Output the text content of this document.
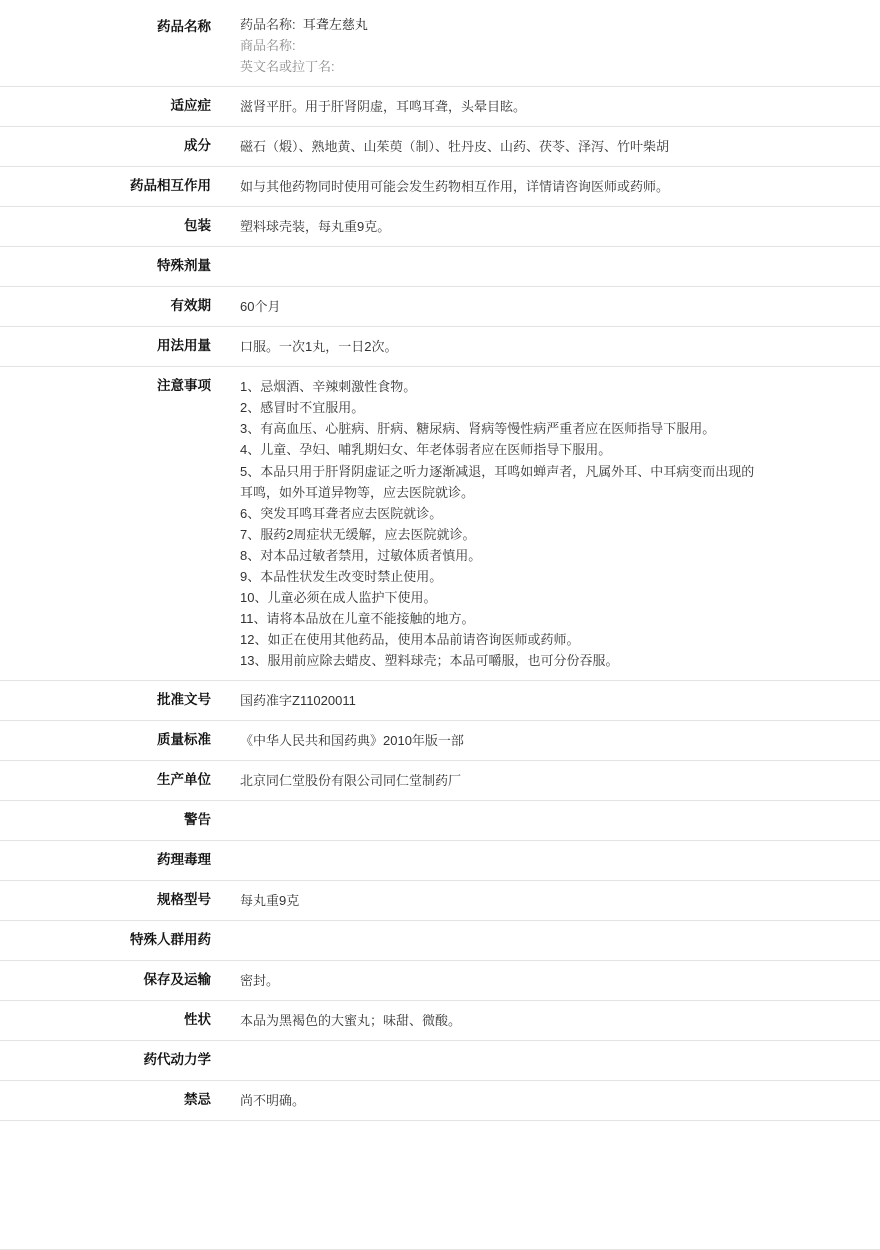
药品名称	药品名称: 耳聋左慈丸
商品名称:
英文名或拉丁名:

适应症	滋肾平肝。用于肝肾阴虚，耳鸣耳聋，头晕目眩。

成分	磁石（煅）、熟地黄、山茱萸（制）、牡丹皮、山药、茯苓、泽泻、竹叶柴胡

药品相互作用	如与其他药物同时使用可能会发生药物相互作用，详情请咨询医师或药师。

包装	塑料球壳装，每丸重9克。

特殊剂量	

有效期	60个月

用法用量	口服。一次1丸，一日2次。

注意事项	1、忌烟酒、辛辣刺激性食物。
2、感冒时不宜服用。
3、有高血压、心脏病、肝病、糖尿病、肾病等慢性病严重者应在医师指导下服用。
4、儿童、孕妇、哺乳期妇女、年老体弱者应在医师指导下服用。
5、本品只用于肝肾阴虚证之听力逐渐减退，耳鸣如蝉声者，凡属外耳、中耳病变而出现的
耳鸣，如外耳道异物等，应去医院就诊。
6、突发耳鸣耳聋者应去医院就诊。
7、服药2周症状无缓解，应去医院就诊。
8、对本品过敏者禁用，过敏体质者慎用。
9、本品性状发生改变时禁止使用。
10、儿童必须在成人监护下使用。
11、请将本品放在儿童不能接触的地方。
12、如正在使用其他药品，使用本品前请咨询医师或药师。
13、服用前应除去蜡皮、塑料球壳；本品可嚼服，也可分份吞服。

批准文号	国药准字Z11020011

质量标准	《中华人民共和国药典》2010年版一部

生产单位	北京同仁堂股份有限公司同仁堂制药厂

警告	

药理毒理	

规格型号	每丸重9克

特殊人群用药	

保存及运输	密封。

性状	本品为黑褐色的大蜜丸；味甜、微酸。

药代动力学	

禁忌	尚不明确。
